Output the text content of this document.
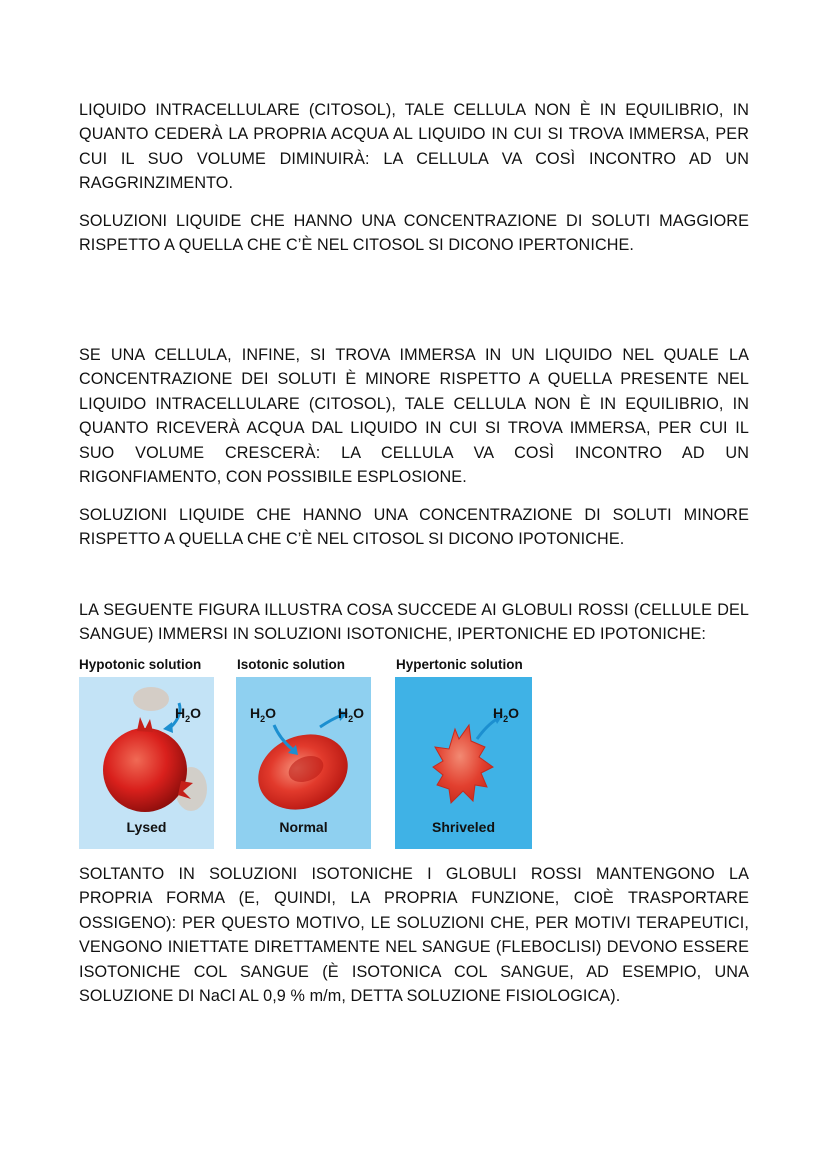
LIQUIDO INTRACELLULARE (CITOSOL), TALE CELLULA NON È IN EQUILIBRIO, IN QUANTO CEDERÀ LA PROPRIA ACQUA AL LIQUIDO IN CUI SI TROVA IMMERSA, PER CUI IL SUO VOLUME DIMINUIRÀ: LA CELLULA VA COSÌ INCONTRO AD UN RAGGRINZIMENTO.

SOLUZIONI LIQUIDE CHE HANNO UNA CONCENTRAZIONE DI SOLUTI MAGGIORE RISPETTO A QUELLA CHE C’È NEL CITOSOL SI DICONO IPERTONICHE.

SE UNA CELLULA, INFINE, SI TROVA IMMERSA IN UN LIQUIDO NEL QUALE LA CONCENTRAZIONE DEI SOLUTI È MINORE RISPETTO A QUELLA PRESENTE NEL LIQUIDO INTRACELLULARE (CITOSOL), TALE CELLULA NON È IN EQUILIBRIO, IN QUANTO RICEVERÀ ACQUA DAL LIQUIDO IN CUI SI TROVA IMMERSA, PER CUI IL SUO VOLUME CRESCERÀ: LA CELLULA VA COSÌ INCONTRO AD UN RIGONFIAMENTO, CON POSSIBILE ESPLOSIONE.

SOLUZIONI LIQUIDE CHE HANNO UNA CONCENTRAZIONE DI SOLUTI MINORE RISPETTO A QUELLA CHE C’È NEL CITOSOL SI DICONO IPOTONICHE.

LA SEGUENTE FIGURA ILLUSTRA COSA SUCCEDE AI GLOBULI ROSSI (CELLULE DEL SANGUE) IMMERSI IN SOLUZIONI ISOTONICHE, IPERTONICHE ED IPOTONICHE:

Hypotonic solution
$H_2O$
Lysed
Isotonic solution
$H_2O$	$H_2O$
Normal
Hypertonic solution
$H_2O$
Shriveled

SOLTANTO IN SOLUZIONI ISOTONICHE I GLOBULI ROSSI MANTENGONO LA PROPRIA FORMA (E, QUINDI, LA PROPRIA FUNZIONE, CIOÈ TRASPORTARE OSSIGENO): PER QUESTO MOTIVO, LE SOLUZIONI CHE, PER MOTIVI TERAPEUTICI, VENGONO INIETTATE DIRETTAMENTE NEL SANGUE (FLEBOCLISI) DEVONO ESSERE ISOTONICHE COL SANGUE (È ISOTONICA COL SANGUE, AD ESEMPIO, UNA SOLUZIONE DI NaCl AL 0,9 % m/m, DETTA SOLUZIONE FISIOLOGICA).
